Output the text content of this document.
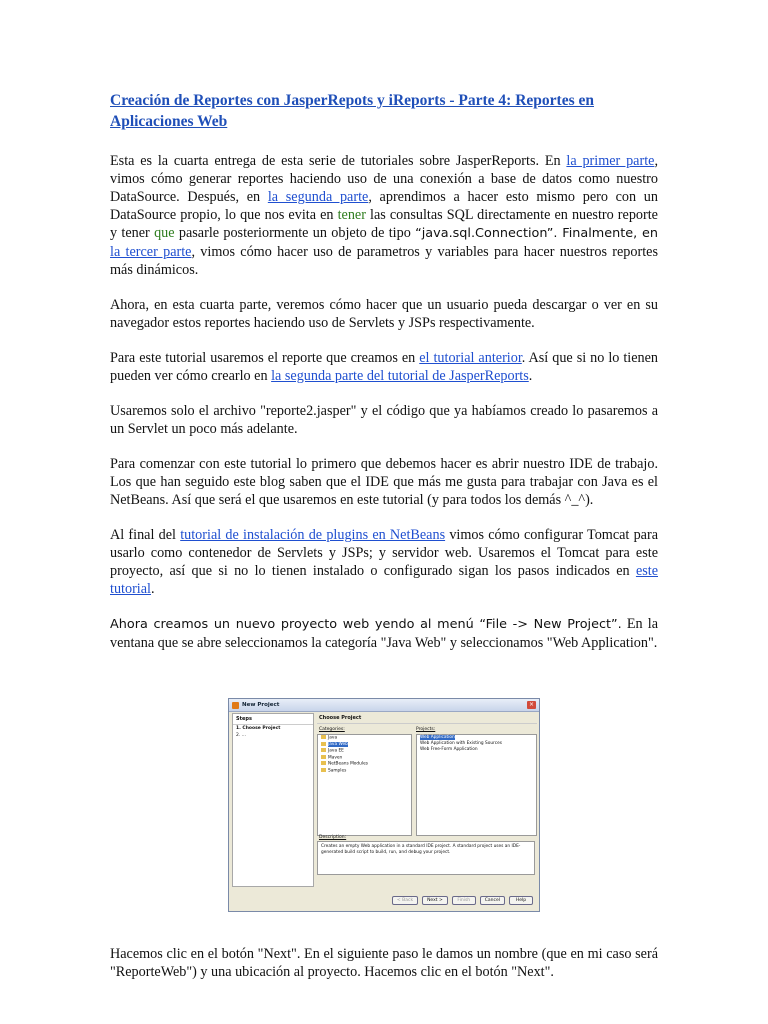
Creación de Reportes con JasperRepots y iReports - Parte 4: Reportes en Aplicaciones Web

Esta es la cuarta entrega de esta serie de tutoriales sobre JasperReports. En la primer parte, vimos cómo generar reportes haciendo uso de una conexión a base de datos como nuestro DataSource. Después, en la segunda parte, aprendimos a hacer esto mismo pero con un DataSource propio, lo que nos evita en tener las consultas SQL directamente en nuestro reporte y tener que pasarle posteriormente un objeto de tipo “java.sql.Connection”. Finalmente, en la tercer parte, vimos cómo hacer uso de parametros y variables para hacer nuestros reportes más dinámicos.

Ahora, en esta cuarta parte, veremos cómo hacer que un usuario pueda descargar o ver en su navegador estos reportes haciendo uso de Servlets y JSPs respectivamente.

Para este tutorial usaremos el reporte que creamos en el tutorial anterior. Así que si no lo tienen pueden ver cómo crearlo en la segunda parte del tutorial de JasperReports.

Usaremos solo el archivo "reporte2.jasper" y el código que ya habíamos creado lo pasaremos a un Servlet un poco más adelante.

Para comenzar con este tutorial lo primero que debemos hacer es abrir nuestro IDE de trabajo. Los que han seguido este blog saben que el IDE que más me gusta para trabajar con Java es el NetBeans. Así que será el que usaremos en este tutorial (y para todos los demás ^_^).

Al final del tutorial de instalación de plugins en NetBeans vimos cómo configurar Tomcat para usarlo como contenedor de Servlets y JSPs; y servidor web. Usaremos el Tomcat para este proyecto, así que si no lo tienen instalado o configurado sigan los pasos indicados en este tutorial.

Ahora creamos un nuevo proyecto web yendo al menú “File -> New Project”. En la ventana que se abre seleccionamos la categoría "Java Web" y seleccionamos "Web Application".

New Project	×
Steps
1. Choose Project
2. ...
Choose Project
Categories:	Projects:
Java
Java Web
Java EE
Maven
NetBeans Modules
Samples
Web Application
Web Application with Existing Sources
Web Free-Form Application
Description:
Creates an empty Web application in a standard IDE project. A standard project uses an IDE-generated build script to build, run, and debug your project.
< Back	Next >	Finish	Cancel	Help

Hacemos clic en el botón "Next". En el siguiente paso le damos un nombre (que en mi caso será "ReporteWeb") y una ubicación al proyecto. Hacemos clic en el botón "Next".
